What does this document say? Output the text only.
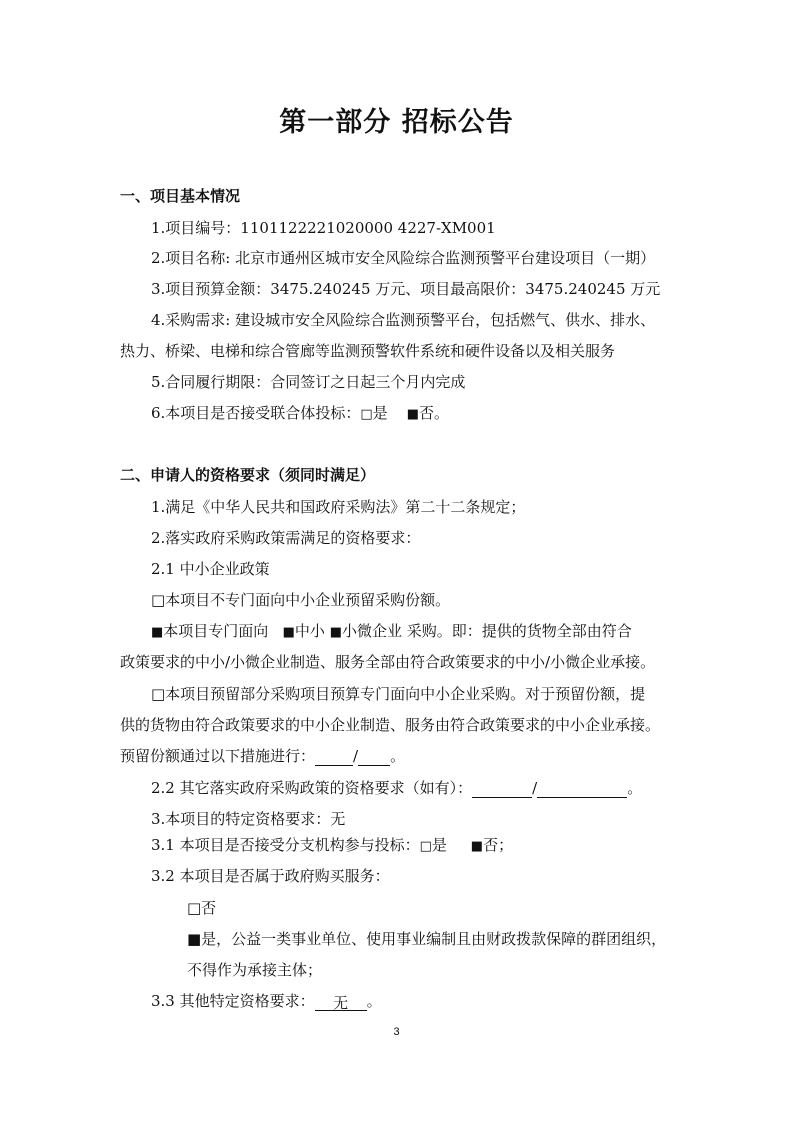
第一部分 招标公告
一、项目基本情况
1.项目编号：1101122221020000 4227-XM001
2.项目名称: 北京市通州区城市安全风险综合监测预警平台建设项目（一期）
3.项目预算金额：3475.240245 万元、项目最高限价：3475.240245 万元
4.采购需求: 建设城市安全风险综合监测预警平台，包括燃气、供水、排水、
热力、桥梁、电梯和综合管廊等监测预警软件系统和硬件设备以及相关服务
5.合同履行期限：合同签订之日起三个月内完成
6.本项目是否接受联合体投标：□是 ■否。
二、申请人的资格要求（须同时满足）
1.满足《中华人民共和国政府采购法》第二十二条规定；
2.落实政府采购政策需满足的资格要求：
2.1 中小企业政策
□本项目不专门面向中小企业预留采购份额。
■本项目专门面向 ■中小 ■小微企业 采购。即：提供的货物全部由符合
政策要求的中小/小微企业制造、服务全部由符合政策要求的中小/小微企业承接。
□本项目预留部分采购项目预算专门面向中小企业采购。对于预留份额，提
供的货物由符合政策要求的中小企业制造、服务由符合政策要求的中小企业承接。
预留份额通过以下措施进行：	/ 。
2.2 其它落实政府采购政策的资格要求（如有）：	/	。
3.本项目的特定资格要求：无
3.1 本项目是否接受分支机构参与投标：□是 ■否；
3.2 本项目是否属于政府购买服务：
□否
■是，公益一类事业单位、使用事业编制且由财政拨款保障的群团组织，
不得作为承接主体；
3.3 其他特定资格要求： 无 。
3
